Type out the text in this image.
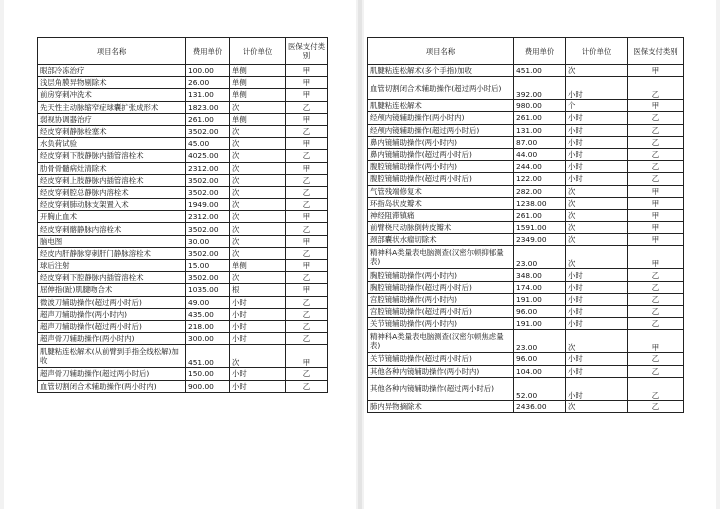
项目名称	费用单价	计价单位	医保支付类别
眼部冷冻治疗	100.00	单侧	甲
浅层角膜异物剔除术	26.00	单侧	甲
前房穿刺冲洗术	131.00	单侧	甲
先天性主动脉缩窄症球囊扩张成形术	1823.00	次	乙
弱视协调器治疗	261.00	单侧	甲
经皮穿刺静脉栓塞术	3502.00	次	乙
水负荷试验	45.00	次	甲
经皮穿刺下肢静脉内插管溶栓术	4025.00	次	乙
肋骨骨髓病灶清除术	2312.00	次	甲
经皮穿刺上肢静脉内插管溶栓术	3502.00	次	乙
经皮穿刺腔总静脉内溶栓术	3502.00	次	乙
经皮穿刺肺动脉支架置入术	1949.00	次	乙
开胸止血术	2312.00	次	甲
经皮穿刺髂静脉内溶栓术	3502.00	次	乙
脑电图	30.00	次	甲
经皮内肝静脉穿刺肝门静脉溶栓术	3502.00	次	乙
球后注射	15.00	单侧	甲
经皮穿刺下腔静脉内插管溶栓术	3502.00	次	乙
屈伸指(趾)肌腱吻合术	1035.00	根	甲
微波刀辅助操作(超过两小时后)	49.00	小时	乙
超声刀辅助操作(两小时内)	435.00	小时	乙
超声刀辅助操作(超过两小时后)	218.00	小时	乙
超声骨刀辅助操作(两小时内)	300.00	小时	乙
肌腱粘连松解术(从前臂到手指全线松解)加收	451.00	次	甲
超声骨刀辅助操作(超过两小时后)	150.00	小时	乙
血管切割闭合术辅助操作(两小时内)	900.00	小时	乙
项目名称	费用单价	计价单位	医保支付类别
肌腱粘连松解术(多个手指)加收	451.00	次	甲
血管切割闭合术辅助操作(超过两小时后)	392.00	小时	乙
肌腱粘连松解术	980.00	个	甲
经颅内镜辅助操作(两小时内)	261.00	小时	乙
经颅内镜辅助操作(超过两小时后)	131.00	小时	乙
鼻内镜辅助操作(两小时内)	87.00	小时	乙
鼻内镜辅助操作(超过两小时后)	44.00	小时	乙
腹腔镜辅助操作(两小时内)	244.00	小时	乙
腹腔镜辅助操作(超过两小时后)	122.00	小时	乙
气管残端修复术	282.00	次	甲
环指岛状皮瓣术	1238.00	次	甲
神经阻滞镇痛	261.00	次	甲
前臂桡尺动脉倒转皮瓣术	1591.00	次	甲
颈部囊状水瘤切除术	2349.00	次	甲
精神科A类量表电脑测查(汉密尔顿抑郁量表)	23.00	次	甲
胸腔镜辅助操作(两小时内)	348.00	小时	乙
胸腔镜辅助操作(超过两小时后)	174.00	小时	乙
宫腔镜辅助操作(两小时内)	191.00	小时	乙
宫腔镜辅助操作(超过两小时后)	96.00	小时	乙
关节镜辅助操作(两小时内)	191.00	小时	乙
精神科A类量表电脑测查(汉密尔顿焦虑量表)	23.00	次	甲
关节镜辅助操作(超过两小时后)	96.00	小时	乙
其他各种内镜辅助操作(两小时内)	104.00	小时	乙
其他各种内镜辅助操作(超过两小时后)	52.00	小时	乙
肺内异物摘除术	2436.00	次	乙
